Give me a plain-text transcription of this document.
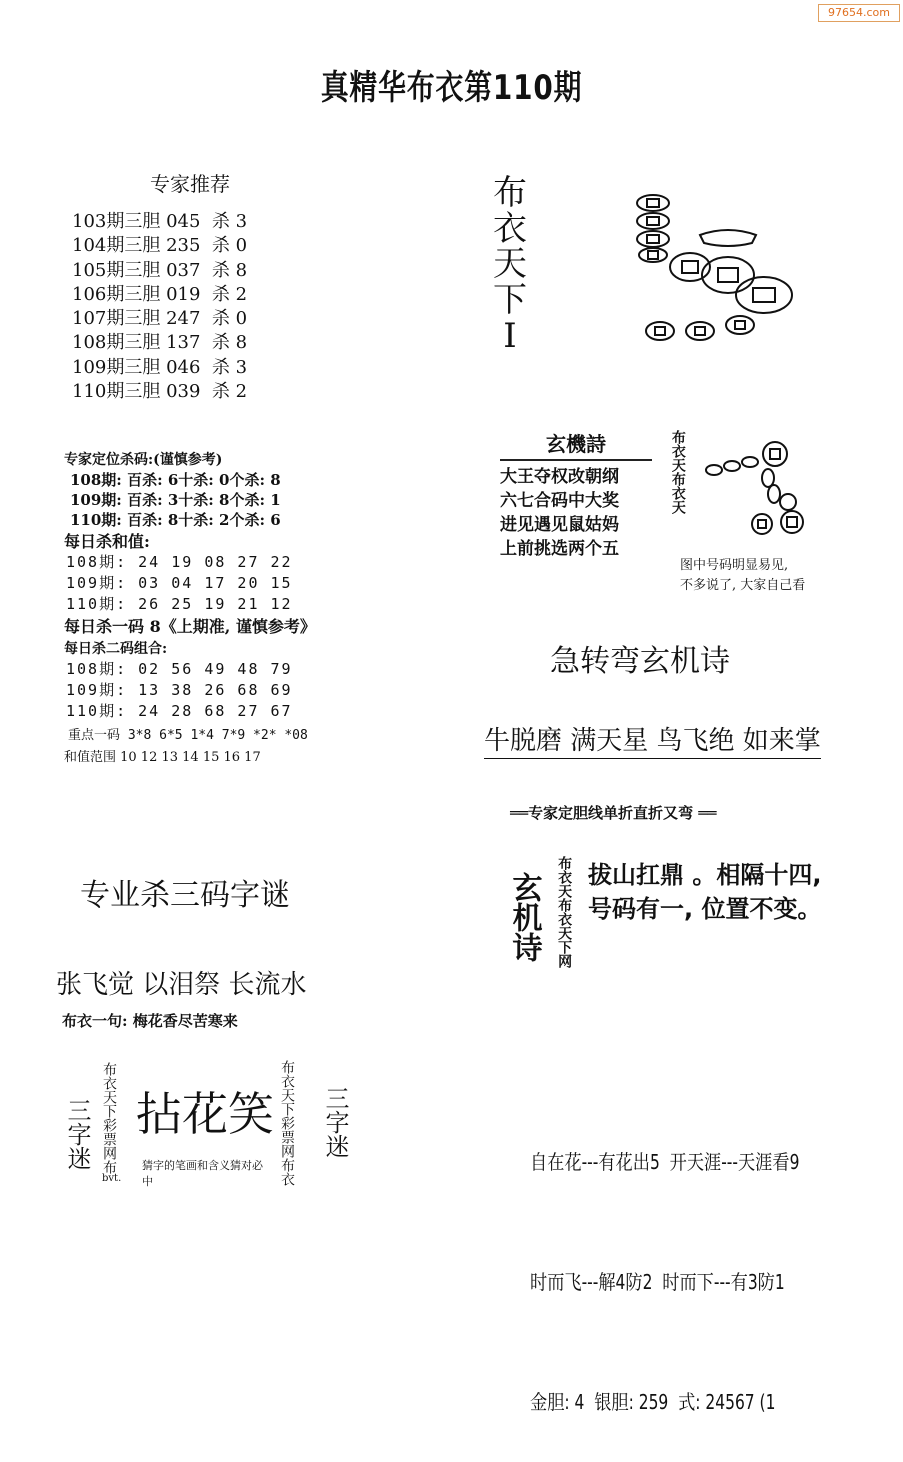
97654.com
真精华布衣第110期
专家推荐
103期三胆 045  杀 3
104期三胆 235  杀 0
105期三胆 037  杀 8
106期三胆 019  杀 2
107期三胆 247  杀 0
108期三胆 137  杀 8
109期三胆 046  杀 3
110期三胆 039  杀 2
专家定位杀码:(谨慎参考)
108期: 百杀: 6十杀: 0个杀: 8
109期: 百杀: 3十杀: 8个杀: 1
110期: 百杀: 8十杀: 2个杀: 6
每日杀和值:
108期: 24 19 08 27 22
109期: 03 04 17 20 15
110期: 26 25 19 21 12
每日杀一码 8《上期准, 谨慎参考》
每日杀二码组合:
108期: 02 56 49 48 79
109期: 13 38 26 68 69
110期: 24 28 68 27 67
重点一码 3*8 6*5 1*4 7*9 *2* *08
和值范围 10 12 13 14 15 16 17
专业杀三码字谜
张飞觉 以泪祭 长流水
布衣一句: 梅花香尽苦寒来
三字迷 布衣天下彩票网布
bvt.
拈花笑
猜字的笔画和含义猜对必中	布衣天下彩票网布衣 三字迷
布
衣
天
下
I
玄機詩
大王夺权改朝纲
六七合码中大奖
进见遇见鼠姑妈
上前挑选两个五
布衣天布衣天
图中号码明显易见,
不多说了, 大家自己看
急转弯玄机诗
牛脱磨 满天星 鸟飞绝 如来掌
══专家定胆线单折直折又弯 ══
玄机诗 布衣天布衣天下网 拔山扛鼎 。相隔十四,
号码有一, 位置不变。

自在花---有花出5  开天涯---天涯看9

时而飞---解4防2  时而下---有3防1

金胆: 4  银胆: 259  式: 24567 (1
